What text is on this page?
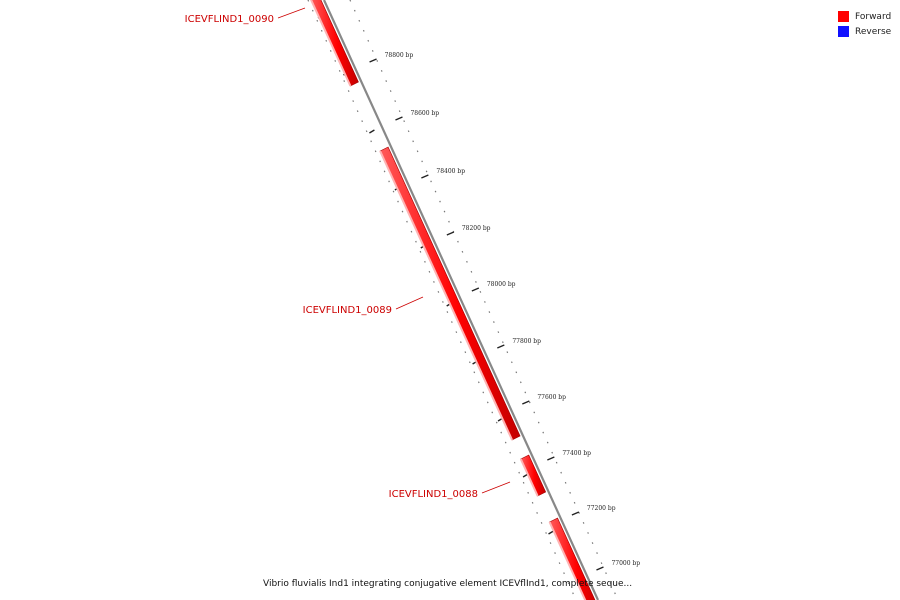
78800 bp
78600 bp
78400 bp
78200 bp
78000 bp
77800 bp
77600 bp
77400 bp
77200 bp
77000 bp
ICEVFLIND1_0090
ICEVFLIND1_0089
ICEVFLIND1_0088
Forward
Reverse
Vibrio fluvialis Ind1 integrating conjugative element ICEVflInd1, complete seque...
